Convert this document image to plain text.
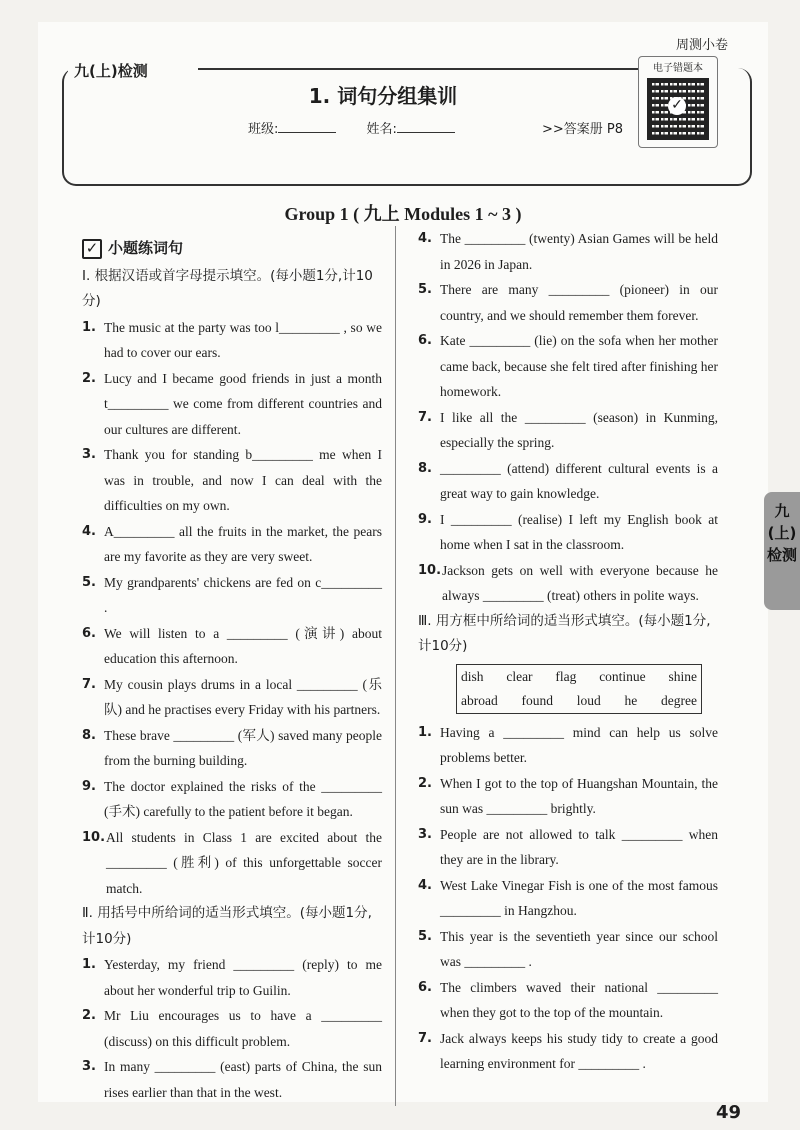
周测小卷
九(上)检测
1. 词句分组集训
班级:	姓名:	>>答案册 P8
电子错题本
✓
Group 1 ( 九上 Modules 1 ~ 3 )
✓ 小题练词句
Ⅰ. 根据汉语或首字母提示填空。(每小题1分,计10分)
1. The music at the party was too l_________ , so we had to cover our ears.
2. Lucy and I became good friends in just a month t_________ we come from different countries and our cultures are different.
3. Thank you for standing b_________ me when I was in trouble, and now I can deal with the difficulties on my own.
4. A_________ all the fruits in the market, the pears are my favorite as they are very sweet.
5. My grandparents' chickens are fed on c_________ .
6. We will listen to a _________ (演讲) about education this afternoon.
7. My cousin plays drums in a local _________ (乐队) and he practises every Friday with his partners.
8. These brave _________ (军人) saved many people from the burning building.
9. The doctor explained the risks of the _________ (手术) carefully to the patient before it began.
10. All students in Class 1 are excited about the _________ (胜利) of this unforgettable soccer match.
Ⅱ. 用括号中所给词的适当形式填空。(每小题1分,计10分)
1. Yesterday, my friend _________ (reply) to me about her wonderful trip to Guilin.
2. Mr Liu encourages us to have a _________ (discuss) on this difficult problem.
3. In many _________ (east) parts of China, the sun rises earlier than that in the west.
4. The _________ (twenty) Asian Games will be held in 2026 in Japan.
5. There are many _________ (pioneer) in our country, and we should remember them forever.
6. Kate _________ (lie) on the sofa when her mother came back, because she felt tired after finishing her homework.
7. I like all the _________ (season) in Kunming, especially the spring.
8. _________ (attend) different cultural events is a great way to gain knowledge.
9. I _________ (realise) I left my English book at home when I sat in the classroom.
10. Jackson gets on well with everyone because he always _________ (treat) others in polite ways.
Ⅲ. 用方框中所给词的适当形式填空。(每小题1分,计10分)
dish clear flag continue shine
abroad found loud he degree
1. Having a _________ mind can help us solve problems better.
2. When I got to the top of Huangshan Mountain, the sun was _________ brightly.
3. People are not allowed to talk _________ when they are in the library.
4. West Lake Vinegar Fish is one of the most famous _________ in Hangzhou.
5. This year is the seventieth year since our school was _________ .
6. The climbers waved their national _________ when they got to the top of the mountain.
7. Jack always keeps his study tidy to create a good learning environment for _________ .
九(上)检测
49
